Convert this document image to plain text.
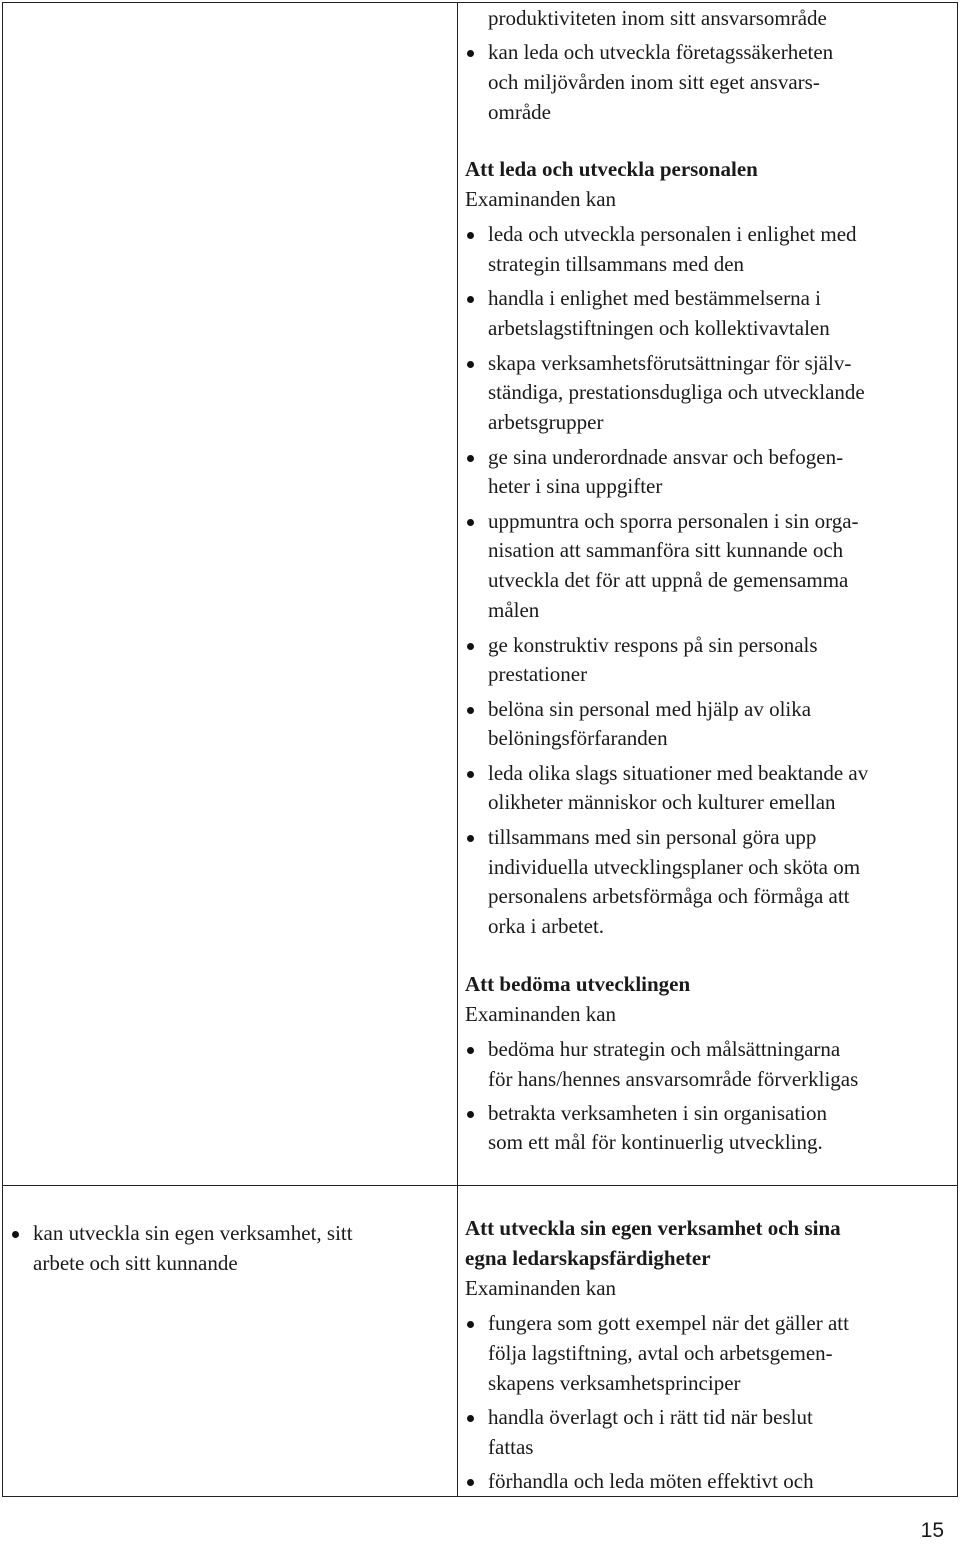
produktiviteten inom sitt ansvarsområde
kan leda och utveckla företagssäkerheten
och miljövården inom sitt eget ansvars-
område
Att leda och utveckla personalen
Examinanden kan
leda och utveckla personalen i enlighet med
strategin tillsammans med den
handla i enlighet med bestämmelserna i
arbetslagstiftningen och kollektivavtalen
skapa verksamhetsförutsättningar för själv-
ständiga, prestationsdugliga och utvecklande
arbetsgrupper
ge sina underordnade ansvar och befogen-
heter i sina uppgifter
uppmuntra och sporra personalen i sin orga-
nisation att sammanföra sitt kunnande och
utveckla det för att uppnå de gemensamma
målen
ge konstruktiv respons på sin personals
prestationer
belöna sin personal med hjälp av olika
belöningsförfaranden
leda olika slags situationer med beaktande av
olikheter människor och kulturer emellan
tillsammans med sin personal göra upp
individuella utvecklingsplaner och sköta om
personalens arbetsförmåga och förmåga att
orka i arbetet.
Att bedöma utvecklingen
Examinanden kan
bedöma hur strategin och målsättningarna
för hans/hennes ansvarsområde förverkligas
betrakta verksamheten i sin organisation
som ett mål för kontinuerlig utveckling.
kan utveckla sin egen verksamhet, sitt
arbete och sitt kunnande
Att utveckla sin egen verksamhet och sina
egna ledarskapsfärdigheter
Examinanden kan
fungera som gott exempel när det gäller att
följa lagstiftning, avtal och arbetsgemen-
skapens verksamhetsprinciper
handla överlagt och i rätt tid när beslut
fattas
förhandla och leda möten effektivt och
15
